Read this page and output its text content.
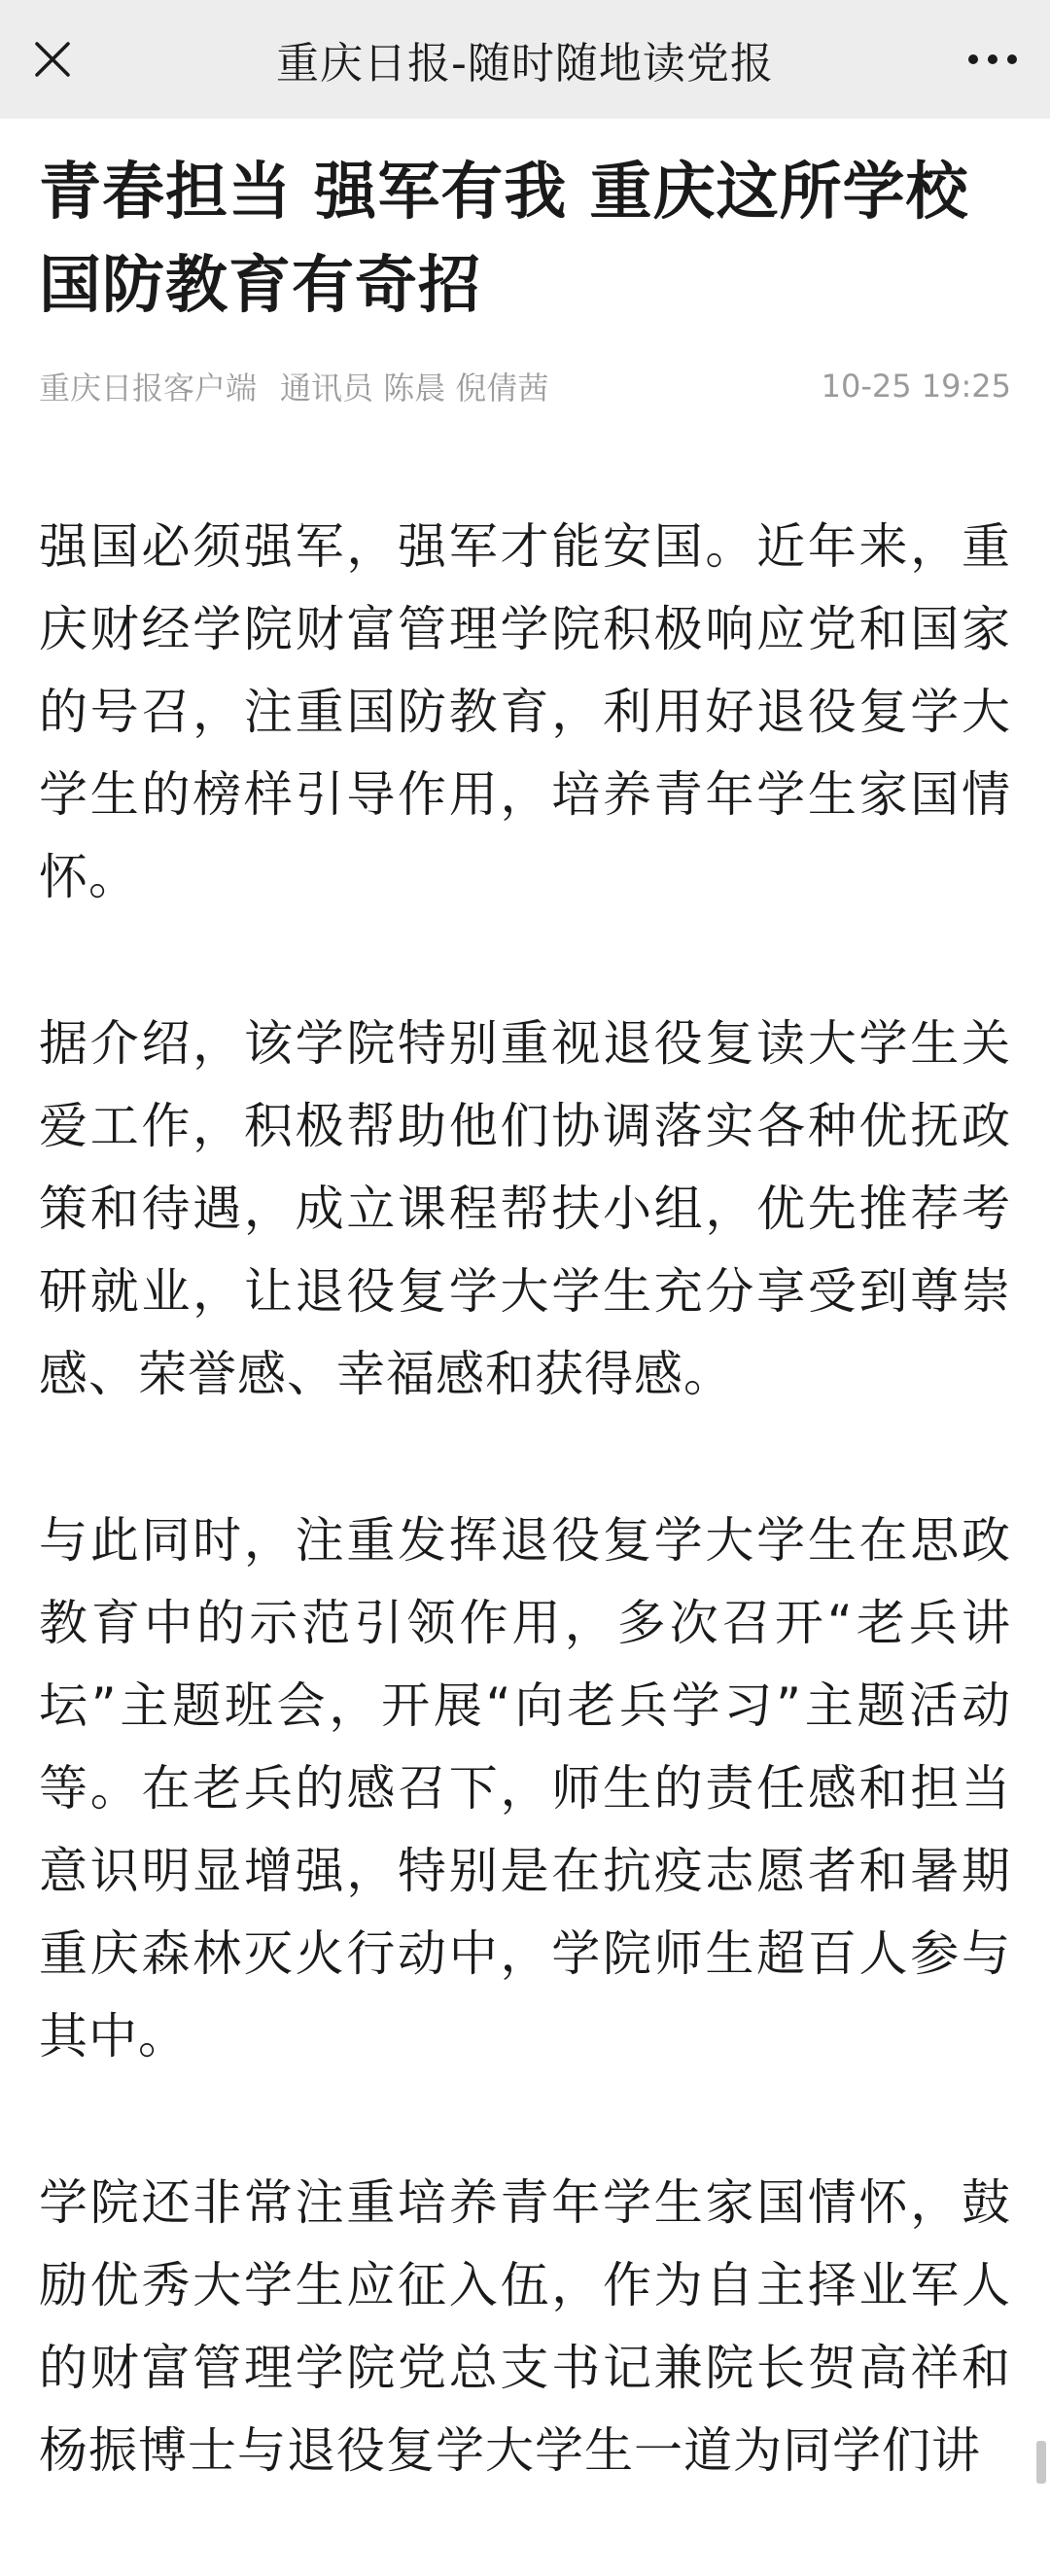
重庆日报-随时随地读党报
青春担当 强军有我 重庆这所学校国防教育有奇招
重庆日报客户端 通讯员 陈晨 倪倩茜	10-25 19:25

强国必须强军，强军才能安国。近年来，重庆财经学院财富管理学院积极响应党和国家的号召，注重国防教育，利用好退役复学大学生的榜样引导作用，培养青年学生家国情怀。

据介绍，该学院特别重视退役复读大学生关爱工作，积极帮助他们协调落实各种优抚政策和待遇，成立课程帮扶小组，优先推荐考研就业，让退役复学大学生充分享受到尊崇感、荣誉感、幸福感和获得感。

与此同时，注重发挥退役复学大学生在思政教育中的示范引领作用，多次召开“老兵讲坛”主题班会，开展“向老兵学习”主题活动等。在老兵的感召下，师生的责任感和担当意识明显增强，特别是在抗疫志愿者和暑期重庆森林灭火行动中，学院师生超百人参与其中。

学院还非常注重培养青年学生家国情怀，鼓励优秀大学生应征入伍，作为自主择业军人的财富管理学院党总支书记兼院长贺高祥和杨振博士与退役复学大学生一道为同学们讲
